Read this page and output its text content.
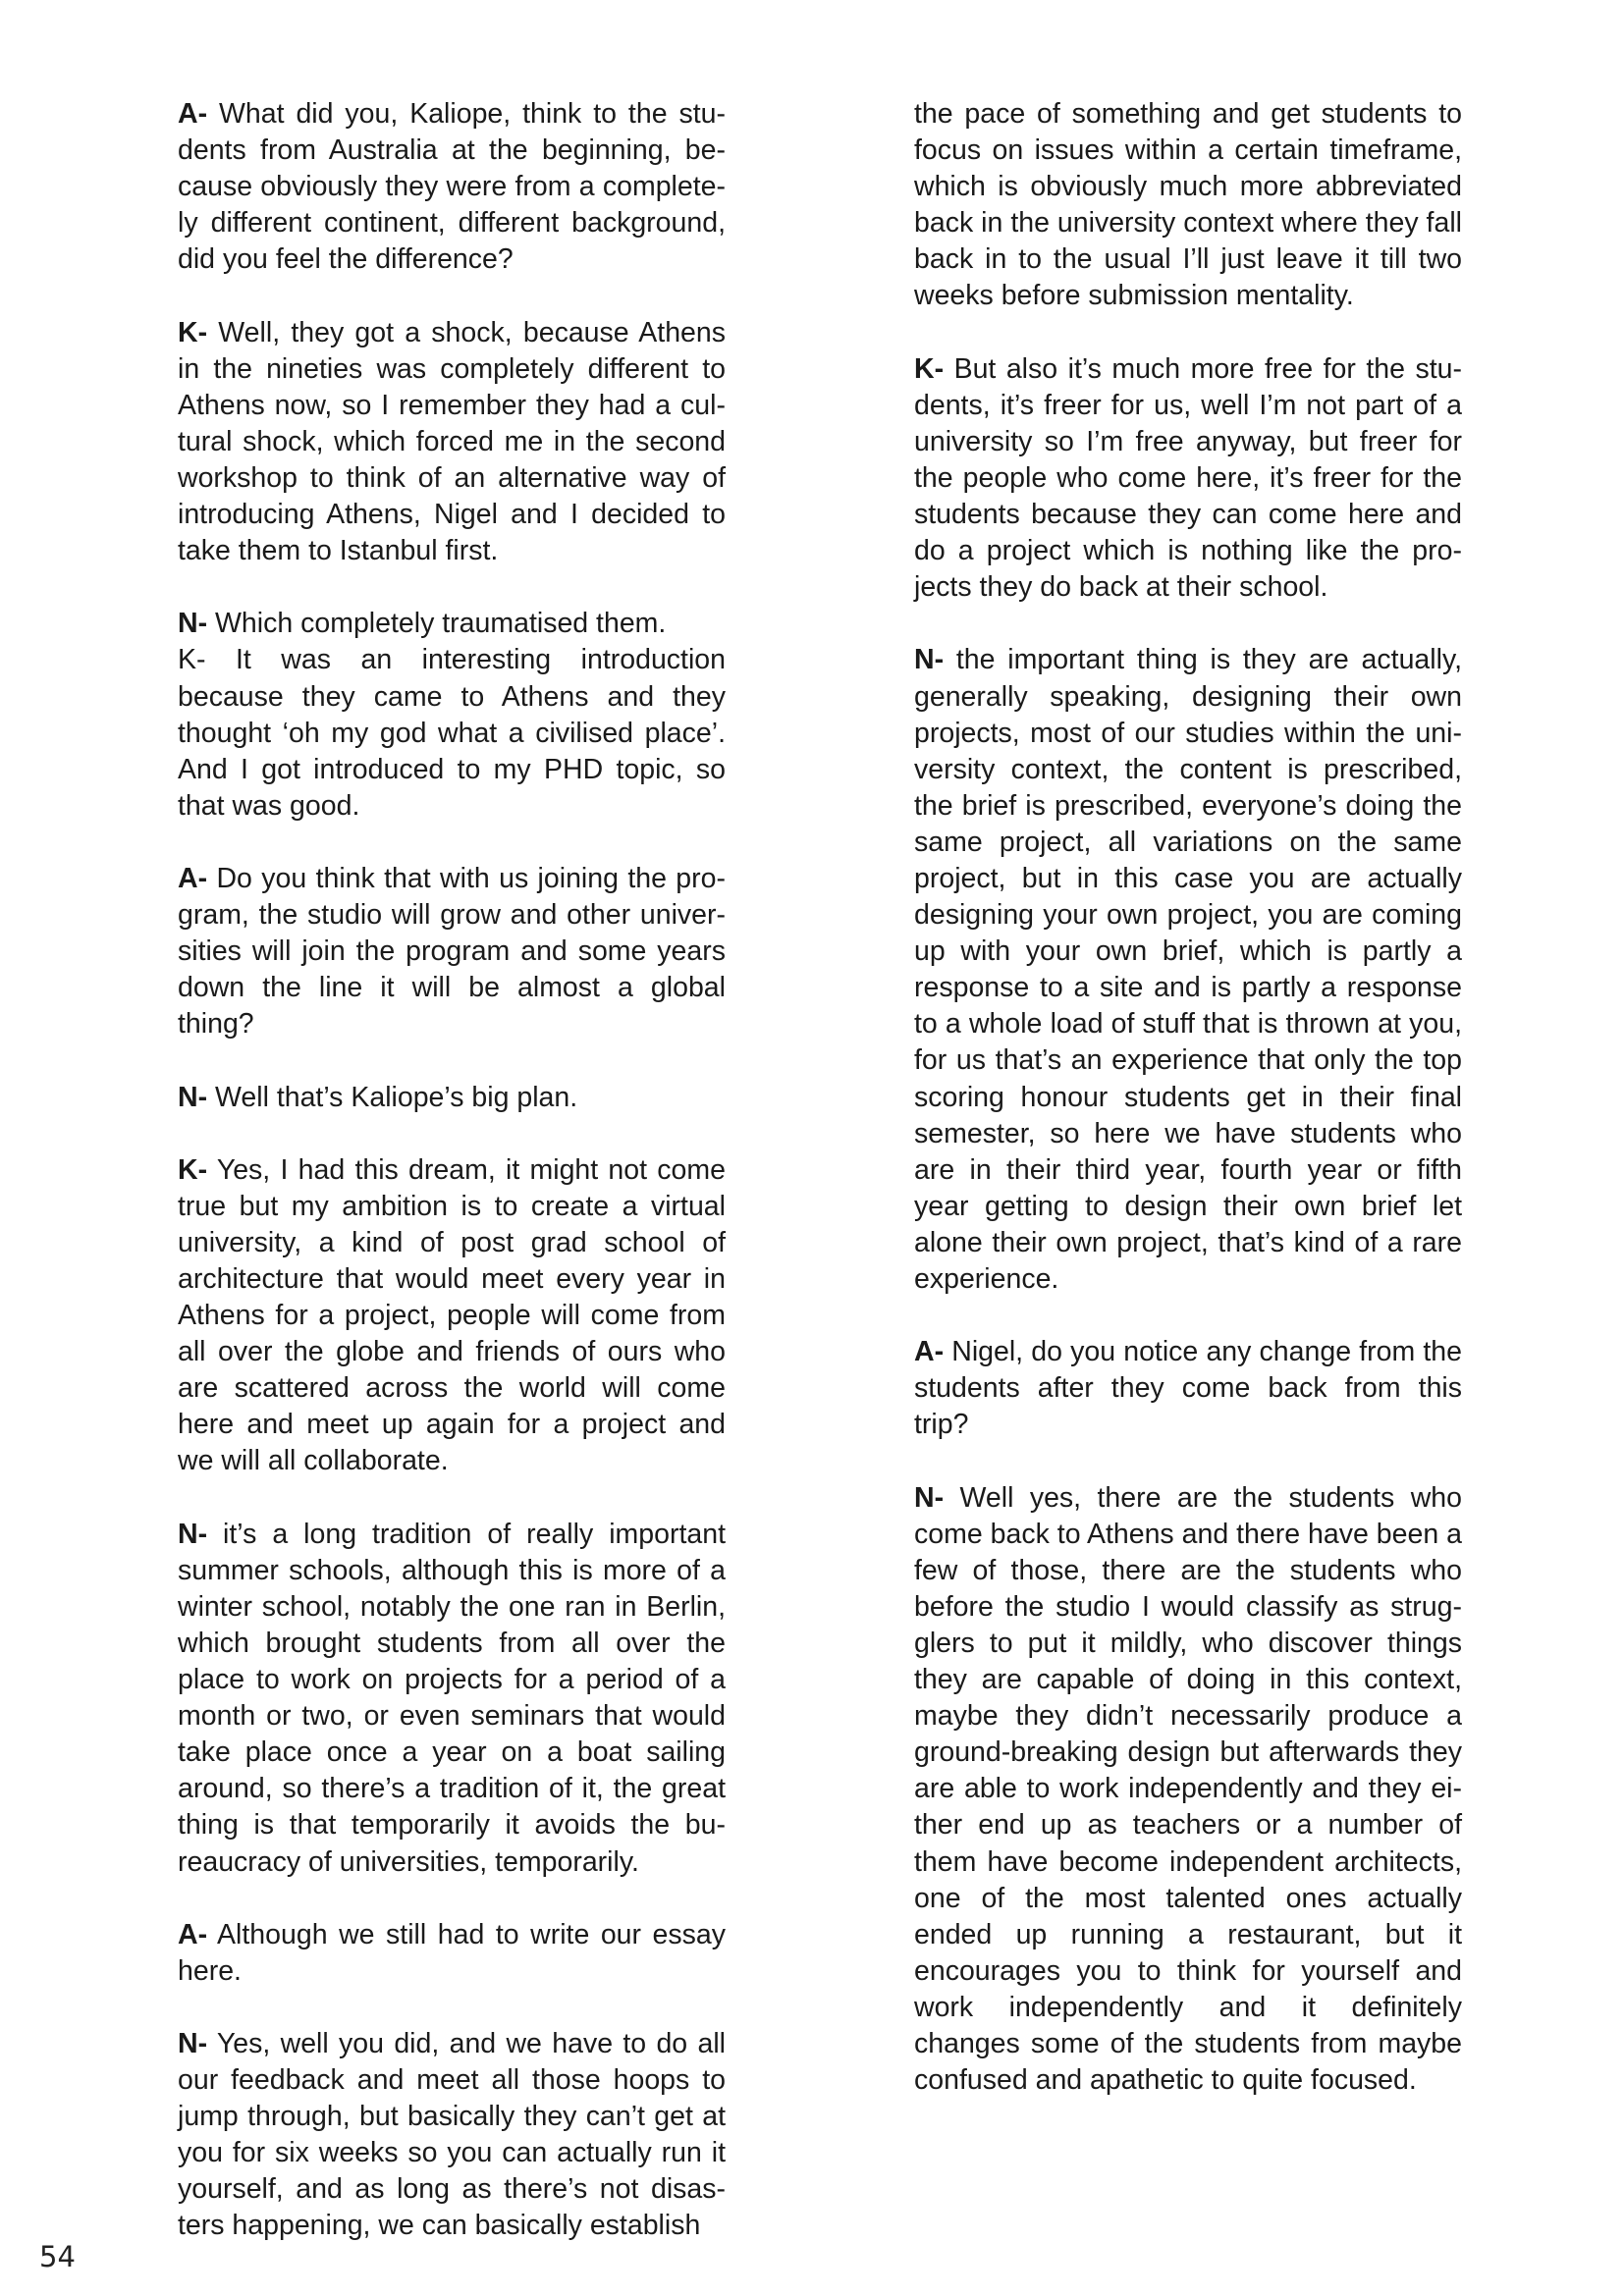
A- What did you, Kaliope, think to the students from Australia at the beginning, because obviously they were from a completely different continent, different background, did you feel the difference?

K- Well, they got a shock, because Athens in the nineties was completely different to Athens now, so I remember they had a cultural shock, which forced me in the second workshop to think of an alternative way of introducing Athens, Nigel and I decided to take them to Istanbul first.

N- Which completely traumatised them.

K- It was an interesting introduction because they came to Athens and they thought ‘oh my god what a civilised place’. And I got introduced to my PHD topic, so that was good.

A- Do you think that with us joining the program, the studio will grow and other universities will join the program and some years down the line it will be almost a global thing?

N- Well that’s Kaliope’s big plan.

K- Yes, I had this dream, it might not come true but my ambition is to create a virtual university, a kind of post grad school of architecture that would meet every year in Athens for a project, people will come from all over the globe and friends of ours who are scattered across the world will come here and meet up again for a project and we will all collaborate.

N- it’s a long tradition of really important summer schools, although this is more of a winter school, notably the one ran in Berlin, which brought students from all over the place to work on projects for a period of a month or two, or even seminars that would take place once a year on a boat sailing around, so there’s a tradition of it, the great thing is that temporarily it avoids the bureaucracy of universities, temporarily.

A- Although we still had to write our essay here.

N- Yes, well you did, and we have to do all our feedback and meet all those hoops to jump through, but basically they can’t get at you for six weeks so you can actually run it yourself, and as long as there’s not disasters happening, we can basically establish

the pace of something and get students to focus on issues within a certain timeframe, which is obviously much more abbreviated back in the university context where they fall back in to the usual I’ll just leave it till two weeks before submission mentality.

K- But also it’s much more free for the students, it’s freer for us, well I’m not part of a university so I’m free anyway, but freer for the people who come here, it’s freer for the students because they can come here and do a project which is nothing like the projects they do back at their school.

N- the important thing is they are actually, generally speaking, designing their own projects, most of our studies within the university context, the content is prescribed, the brief is prescribed, everyone’s doing the same project, all variations on the same project, but in this case you are actually designing your own project, you are coming up with your own brief, which is partly a response to a site and is partly a response to a whole load of stuff that is thrown at you, for us that’s an experience that only the top scoring honour students get in their final semester, so here we have students who are in their third year, fourth year or fifth year getting to design their own brief let alone their own project, that’s kind of a rare experience.

A- Nigel, do you notice any change from the students after they come back from this trip?

N- Well yes, there are the students who come back to Athens and there have been a few of those, there are the students who before the studio I would classify as strugglers to put it mildly, who discover things they are capable of doing in this context, maybe they didn’t necessarily produce a ground-breaking design but afterwards they are able to work independently and they either end up as teachers or a number of them have become independent architects, one of the most talented ones actually ended up running a restaurant, but it encourages you to think for yourself and work independently and it definitely changes some of the students from maybe confused and apathetic to quite focused.

54
